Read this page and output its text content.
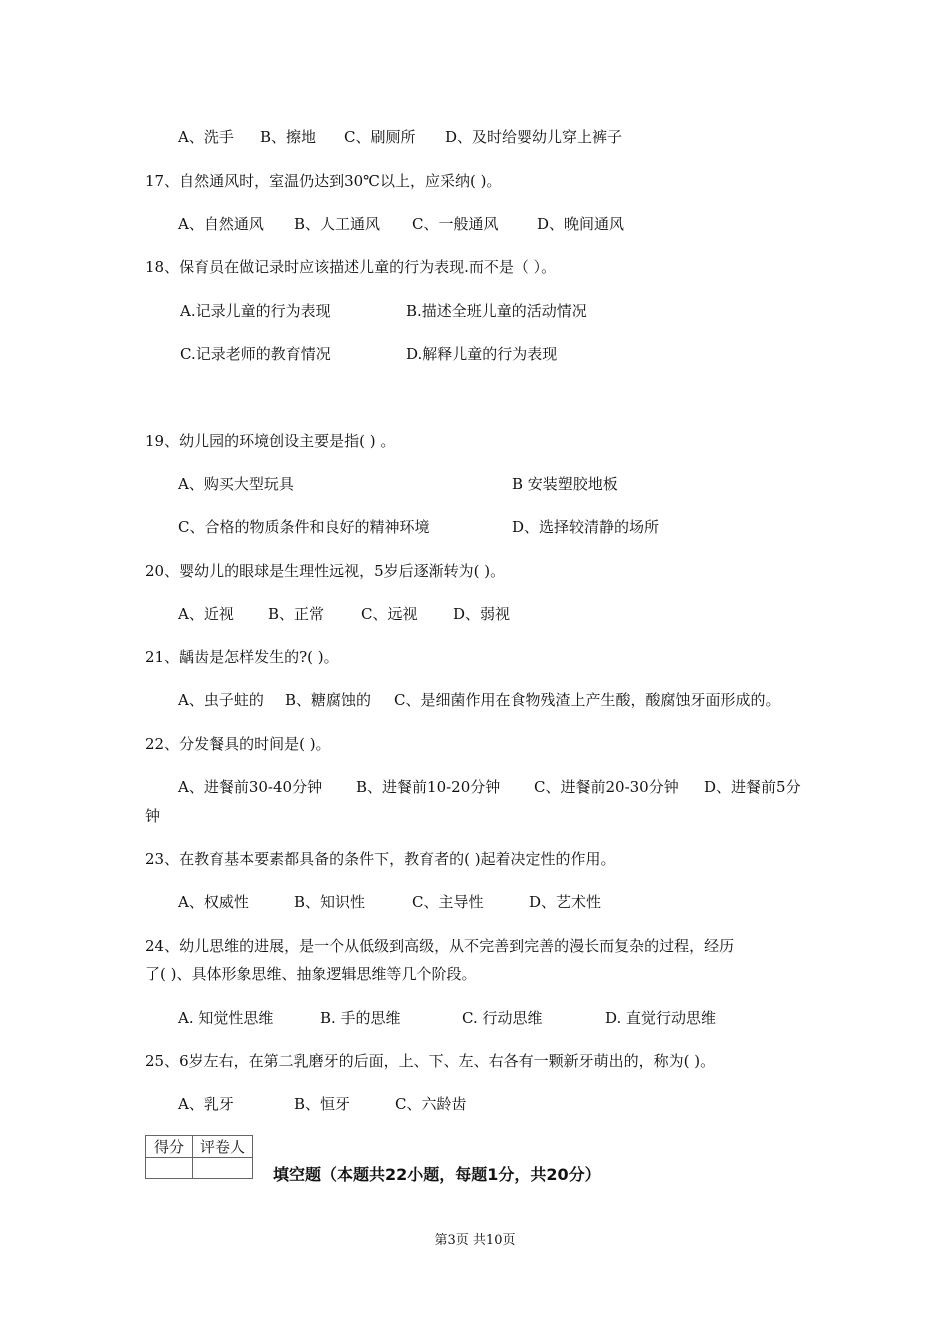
A、洗手 B、擦地 C、刷厕所 D、及时给婴幼儿穿上裤子
17、自然通风时，室温仍达到30℃以上，应采纳( )。
A、自然通风 B、人工通风 C、一般通风	D、晚间通风
18、保育员在做记录时应该描述儿童的行为表现.而不是（ ）。
A.记录儿童的行为表现	B.描述全班儿童的活动情况
C.记录老师的教育情况	D.解释儿童的行为表现
19、幼儿园的环境创设主要是指( ) 。
A、购买大型玩具	B 安装塑胶地板
C、合格的物质条件和良好的精神环境	D、选择较清静的场所
20、婴幼儿的眼球是生理性远视，5岁后逐渐转为( )。
A、近视 B、正常 C、远视 D、弱视
21、龋齿是怎样发生的?( )。
A、虫子蛀的 B、糖腐蚀的 C、是细菌作用在食物残渣上产生酸，酸腐蚀牙面形成的。
22、分发餐具的时间是( )。
A、进餐前30-40分钟 B、进餐前10-20分钟 C、进餐前20-30分钟 D、进餐前5分
钟
23、在教育基本要素都具备的条件下，教育者的( )起着决定性的作用。
A、权威性	B、知识性	C、主导性	D、艺术性
24、幼儿思维的进展，是一个从低级到高级，从不完善到完善的漫长而复杂的过程，经历
了( )、具体形象思维、抽象逻辑思维等几个阶段。
A. 知觉性思维	B. 手的思维	C. 行动思维	D. 直觉行动思维
25、6岁左右，在第二乳磨牙的后面，上、下、左、右各有一颗新牙萌出的，称为( )。
A、乳牙	B、恒牙	C、六龄齿
得分	评卷人

填空题（本题共22小题，每题1分，共20分）
第3页 共10页
